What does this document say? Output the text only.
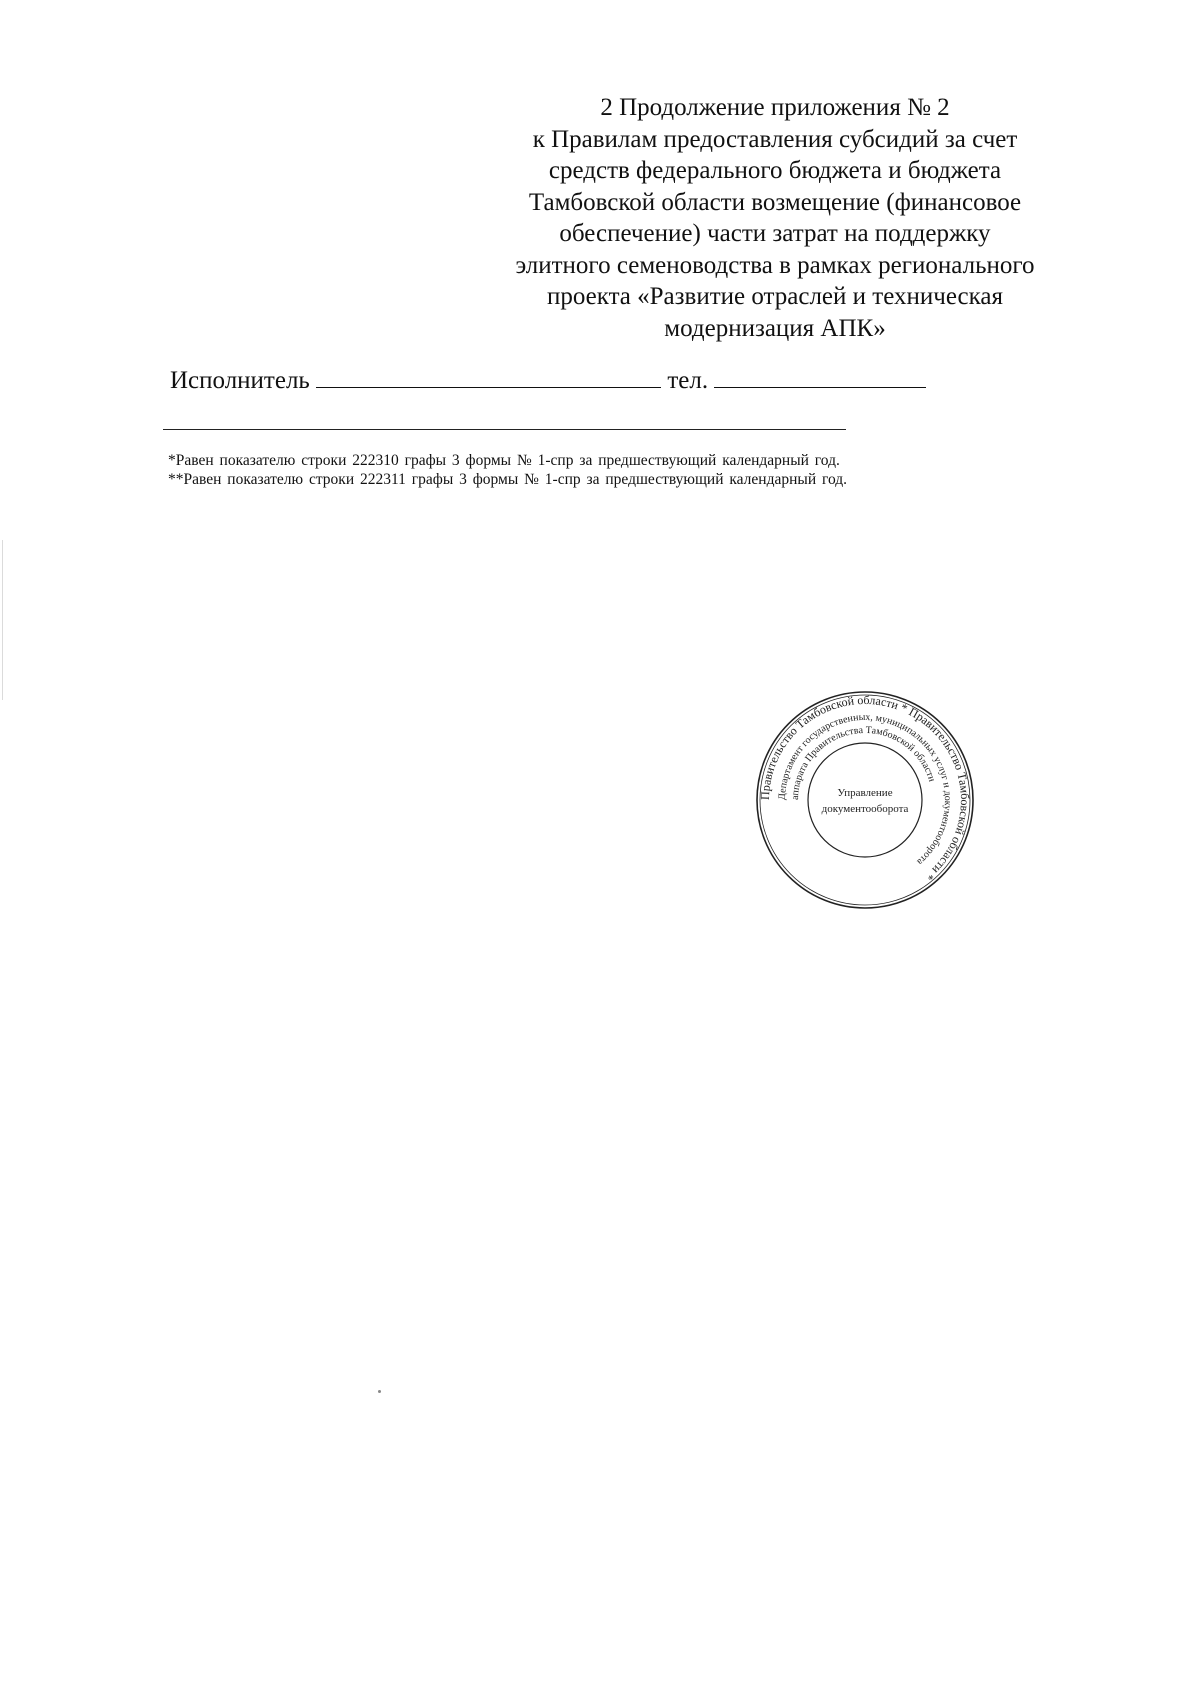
2 Продолжение приложения № 2
к Правилам предоставления субсидий за счет
средств федерального бюджета и бюджета
Тамбовской области возмещение (финансовое
обеспечение) части затрат на поддержку
элитного семеноводства в рамках регионального
проекта «Развитие отраслей и техническая
модернизация АПК»
Исполнитель	тел.
*Равен показателю строки 222310 графы 3 формы № 1-спр за предшествующий календарный год.
**Равен показателю строки 222311 графы 3 формы № 1-спр за предшествующий календарный год.
Правительство Тамбовской области * Правительство Тамбовской области *
Департамент государственных, муниципальных услуг и документооборота
аппарата Правительства Тамбовской области
Управление
документооборота
